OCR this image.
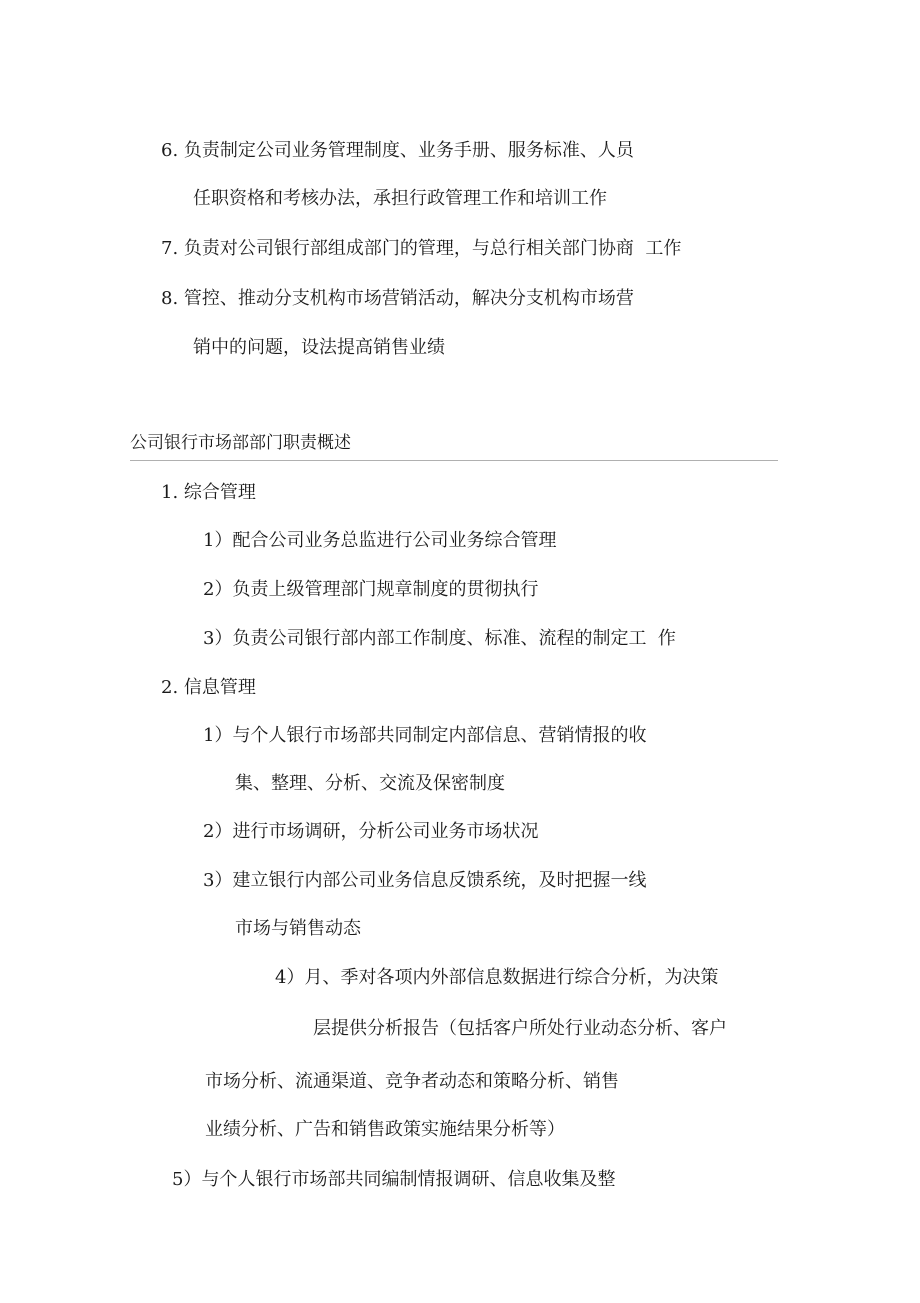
6. 负责制定公司业务管理制度、业务手册、服务标准、人员
任职资格和考核办法，承担行政管理工作和培训工作
7. 负责对公司银行部组成部门的管理，与总行相关部门协商  工作
8. 管控、推动分支机构市场营销活动，解决分支机构市场营
销中的问题，设法提高销售业绩
公司银行市场部部门职责概述
1. 综合管理
1）配合公司业务总监进行公司业务综合管理
2）负责上级管理部门规章制度的贯彻执行
3）负责公司银行部内部工作制度、标准、流程的制定工  作
2. 信息管理
1）与个人银行市场部共同制定内部信息、营销情报的收
集、整理、分析、交流及保密制度
2）进行市场调研，分析公司业务市场状况
3）建立银行内部公司业务信息反馈系统，及时把握一线
市场与销售动态
4）月、季对各项内外部信息数据进行综合分析，为决策
层提供分析报告（包括客户所处行业动态分析、客户
市场分析、流通渠道、竞争者动态和策略分析、销售
业绩分析、广告和销售政策实施结果分析等）
5）与个人银行市场部共同编制情报调研、信息收集及整
